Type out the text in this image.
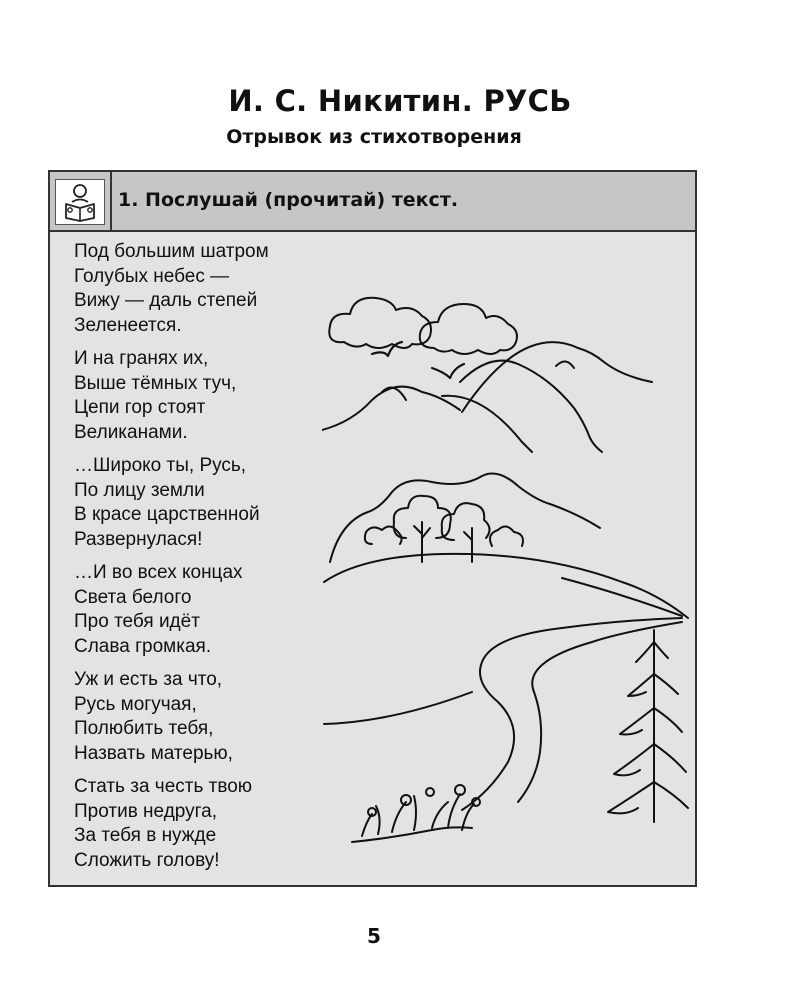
И. С. Никитин. РУСЬ
Отрывок из стихотворения
1. Послушай (прочитай) текст.
Под большим шатром
Голубых небес —
Вижу — даль степей
Зеленеется.
И на гранях их,
Выше тёмных туч,
Цепи гор стоят
Великанами.
…Широко ты, Русь,
По лицу земли
В красе царственной
Развернулася!
…И во всех концах
Света белого
Про тебя идёт
Слава громкая.
Уж и есть за что,
Русь могучая,
Полюбить тебя,
Назвать матерью,
Стать за честь твою
Против недруга,
За тебя в нужде
Сложить голову!
5
